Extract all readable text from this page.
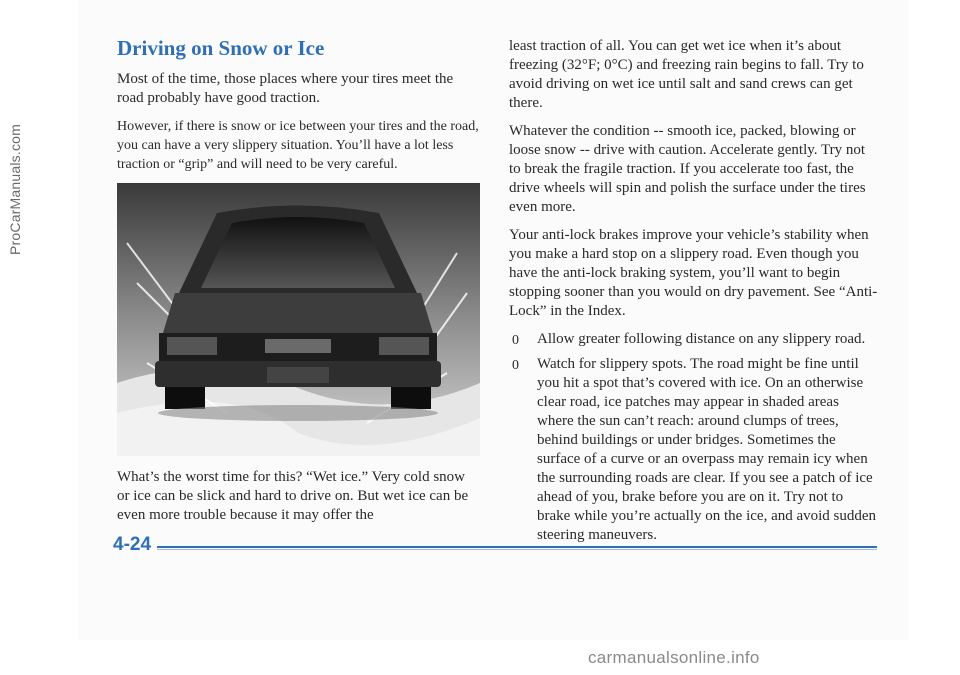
ProCarManuals.com
Driving on Snow or Ice

Most of the time, those places where your tires meet the road probably have good traction.

However, if there is snow or ice between your tires and the road, you can have a very slippery situation. You’ll have a lot less traction or “grip” and will need to be very careful.

What’s the worst time for this? “Wet ice.” Very cold snow or ice can be slick and hard to drive on. But wet ice can be even more trouble because it may offer the

least traction of all. You can get wet ice when it’s about freezing (32°F; 0°C) and freezing rain begins to fall. Try to avoid driving on wet ice until salt and sand crews can get there.

Whatever the condition -- smooth ice, packed, blowing or loose snow -- drive with caution. Accelerate gently. Try not to break the fragile traction. If you accelerate too fast, the drive wheels will spin and polish the surface under the tires even more.

Your anti-lock brakes improve your vehicle’s stability when you make a hard stop on a slippery road. Even though you have the anti-lock braking system, you’ll want to begin stopping sooner than you would on dry pavement. See “Anti-Lock” in the Index.

0 Allow greater following distance on any slippery road.
0 Watch for slippery spots. The road might be fine until you hit a spot that’s covered with ice. On an otherwise clear road, ice patches may appear in shaded areas where the sun can’t reach: around clumps of trees, behind buildings or under bridges. Sometimes the surface of a curve or an overpass may remain icy when the surrounding roads are clear. If you see a patch of ice ahead of you, brake before you are on it. Try not to brake while you’re actually on the ice, and avoid sudden steering maneuvers.
4-24
carmanualsonline.info
